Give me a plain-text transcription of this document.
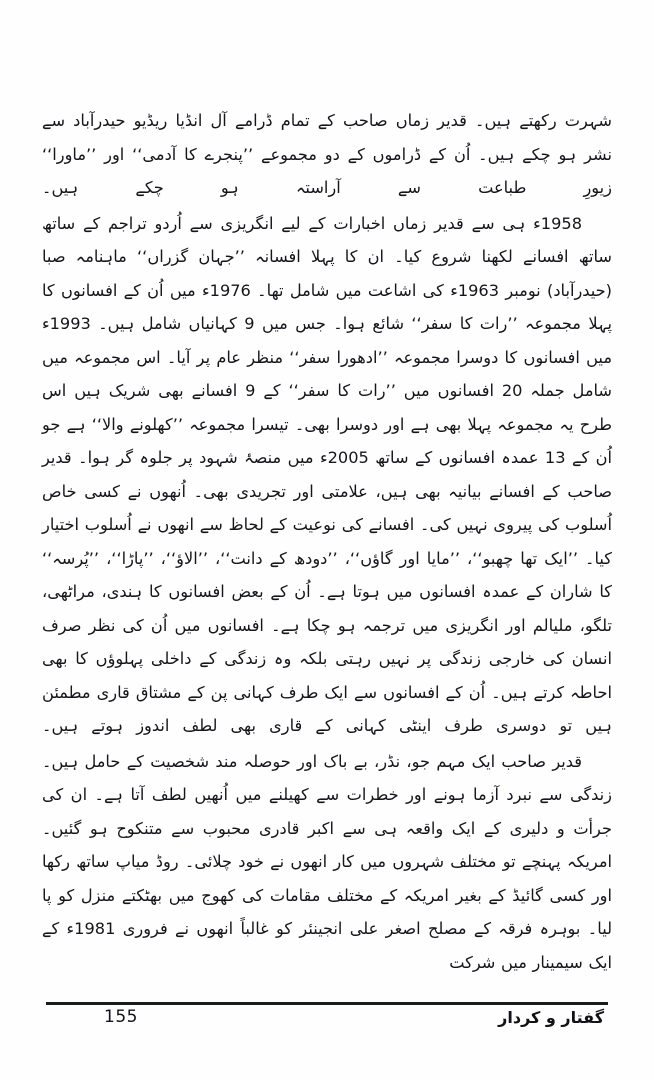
شہرت رکھتے ہیں۔ قدیر زماں صاحب کے تمام ڈرامے آل انڈیا ریڈیو حیدرآباد سے نشر ہو چکے ہیں۔ اُن کے ڈراموں کے دو مجموعے ’’پنجرے کا آدمی‘‘ اور ’’ماورا‘‘ زیورِ طباعت سے آراستہ ہو چکے ہیں۔

1958ء ہی سے قدیر زماں اخبارات کے لیے انگریزی سے اُردو تراجم کے ساتھ ساتھ افسانے لکھنا شروع کیا۔ ان کا پہلا افسانہ ’’جہان گزراں‘‘ ماہنامہ صبا (حیدرآباد) نومبر 1963ء کی اشاعت میں شامل تھا۔ 1976ء میں اُن کے افسانوں کا پہلا مجموعہ ’’رات کا سفر‘‘ شائع ہوا۔ جس میں 9 کہانیاں شامل ہیں۔ 1993ء میں افسانوں کا دوسرا مجموعہ ’’ادھورا سفر‘‘ منظر عام پر آیا۔ اس مجموعہ میں شامل جملہ 20 افسانوں میں ’’رات کا سفر‘‘ کے 9 افسانے بھی شریک ہیں اس طرح یہ مجموعہ پہلا بھی ہے اور دوسرا بھی۔ تیسرا مجموعہ ’’کھلونے والا‘‘ ہے جو اُن کے 13 عمدہ افسانوں کے ساتھ 2005ء میں منصۂ شہود پر جلوہ گر ہوا۔ قدیر صاحب کے افسانے بیانیہ بھی ہیں، علامتی اور تجریدی بھی۔ اُنھوں نے کسی خاص اُسلوب کی پیروی نہیں کی۔ افسانے کی نوعیت کے لحاظ سے انھوں نے اُسلوب اختیار کیا۔ ’’ایک تھا چھبو‘‘، ’’مایا اور گاؤں‘‘، ’’دودھ کے دانت‘‘، ’’الاؤ‘‘، ’’پاڑا‘‘، ’’پُرسہ‘‘ کا شاران کے عمدہ افسانوں میں ہوتا ہے۔ اُن کے بعض افسانوں کا ہندی، مراٹھی، تلگو، ملیالم اور انگریزی میں ترجمہ ہو چکا ہے۔ افسانوں میں اُن کی نظر صرف انسان کی خارجی زندگی پر نہیں رہتی بلکہ وہ زندگی کے داخلی پہلوؤں کا بھی احاطہ کرتے ہیں۔ اُن کے افسانوں سے ایک طرف کہانی پن کے مشتاق قاری مطمئن ہیں تو دوسری طرف اینٹی کہانی کے قاری بھی لطف اندوز ہوتے ہیں۔

قدیر صاحب ایک مہم جو، نڈر، بے باک اور حوصلہ مند شخصیت کے حامل ہیں۔ زندگی سے نبرد آزما ہونے اور خطرات سے کھیلنے میں اُنھیں لطف آتا ہے۔ ان کی جرأت و دلیری کے ایک واقعہ ہی سے اکبر قادری محبوب سے متنکوح ہو گئیں۔ امریکہ پہنچے تو مختلف شہروں میں کار انھوں نے خود چلائی۔ روڈ میاپ ساتھ رکھا اور کسی گائیڈ کے بغیر امریکہ کے مختلف مقامات کی کھوج میں بھٹکتے منزل کو پا لیا۔ بوہرہ فرقہ کے مصلح اصغر علی انجینئر کو غالباً انھوں نے فروری 1981ء کے ایک سیمینار میں شرکت

155	گفتار و کردار
